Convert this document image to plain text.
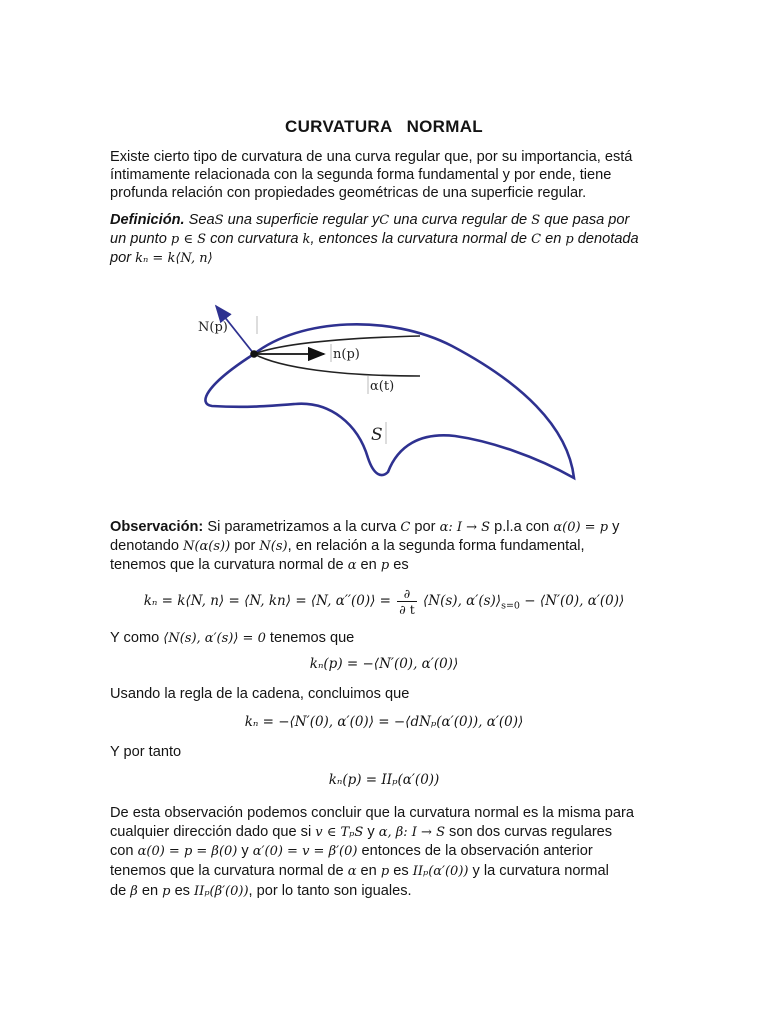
CURVATURA NORMAL

Existe cierto tipo de curvatura de una curva regular que, por su importancia, está

íntimamente relacionada con la segunda forma fundamental y por ende, tiene

profunda relación con propiedades geométricas de una superficie regular.

Definición. SeaS una superficie regular yC una curva regular de S que pasa por

un punto p ∈ S con curvatura k, entonces la curvatura normal de C en p denotada

por kₙ = k⟨N, n⟩

N(p)
n(p)
α(t)
S

Observación: Si parametrizamos a la curva C por α: I → S p.l.a con α(0) = p y

denotando N(α(s)) por N(s), en relación a la segunda forma fundamental,

tenemos que la curvatura normal de α en p es

kₙ = k⟨N, n⟩ = ⟨N, kn⟩ = ⟨N, α′′(0)⟩ = $\frac{\partial}{\partial t}$ ⟨N(s), $\alpha'(s)⟩_{s=0}$ − ⟨N′(0), α′(0)⟩

Y como ⟨N(s), α′(s)⟩ = 0 tenemos que

kₙ(p) = −⟨N′(0), α′(0)⟩

Usando la regla de la cadena, concluimos que

kₙ = −⟨N′(0), α′(0)⟩ = −⟨dNₚ(α′(0)), α′(0)⟩

Y por tanto

kₙ(p) = IIₚ(α′(0))

De esta observación podemos concluir que la curvatura normal es la misma para

cualquier dirección dado que si v ∈ TₚS y α, β: I → S son dos curvas regulares

con α(0) = p = β(0) y α′(0) = v = β′(0) entonces de la observación anterior

tenemos que la curvatura normal de α en p es IIₚ(α′(0)) y la curvatura normal

de β en p es IIₚ(β′(0)), por lo tanto son iguales.
